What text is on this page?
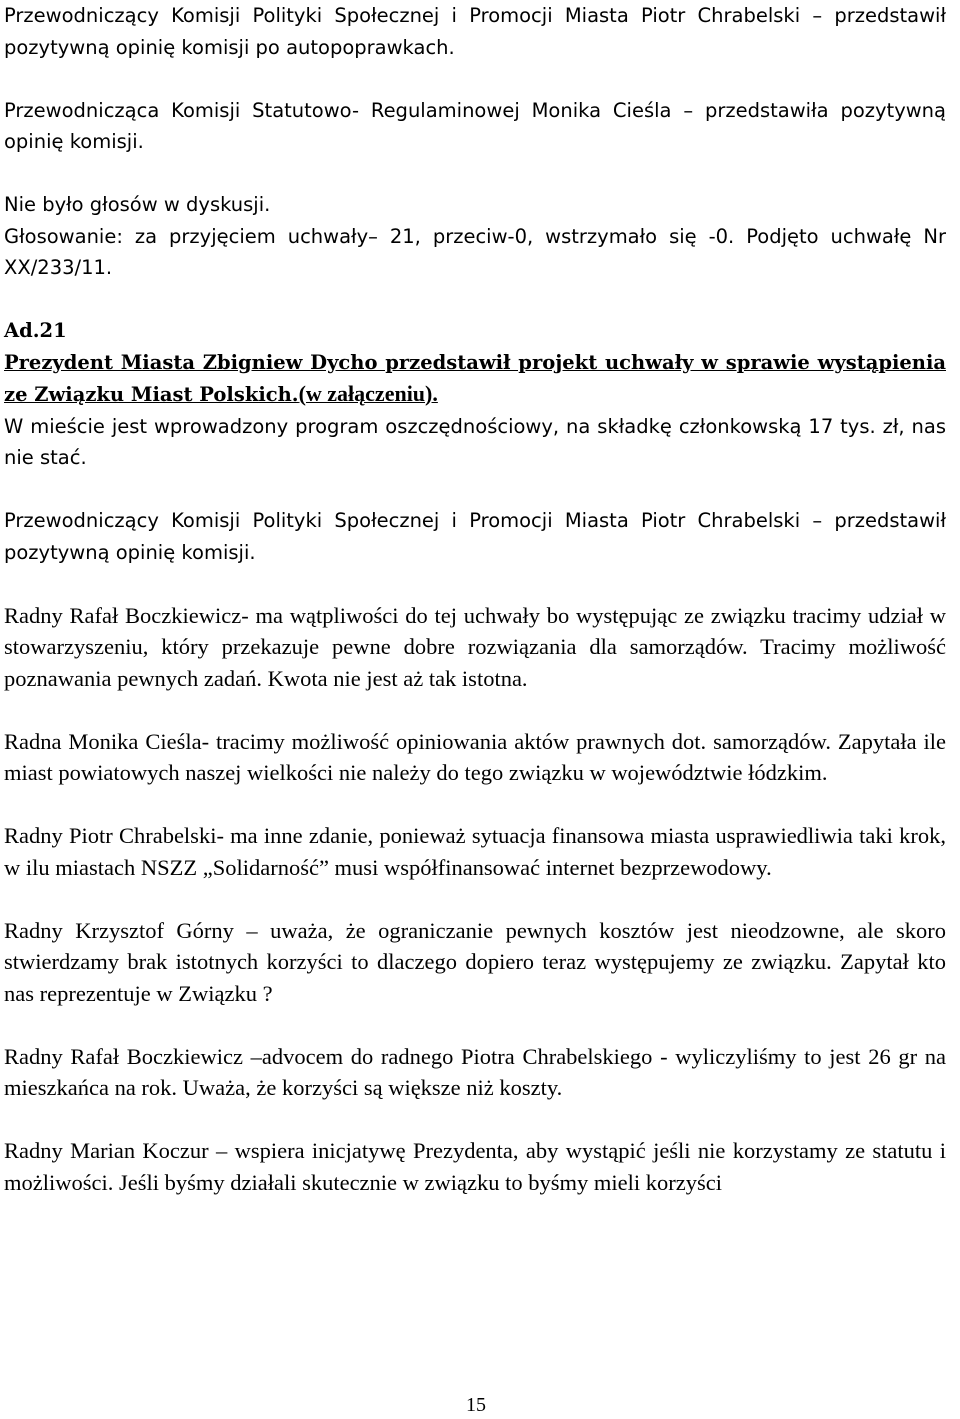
Przewodniczący Komisji Polityki Społecznej i Promocji Miasta Piotr Chrabelski – przedstawił pozytywną opinię komisji po autopoprawkach.

Przewodnicząca Komisji Statutowo- Regulaminowej Monika Cieśla – przedstawiła pozytywną opinię komisji.

Nie było głosów w dyskusji.

Głosowanie: za przyjęciem uchwały– 21, przeciw-0, wstrzymało się -0. Podjęto uchwałę Nr XX/233/11.

Ad.21

Prezydent Miasta Zbigniew Dycho przedstawił projekt uchwały w sprawie wystąpienia ze Związku Miast Polskich.(w załączeniu).

W mieście jest wprowadzony program oszczędnościowy, na składkę członkowską 17 tys. zł, nas nie stać.

Przewodniczący Komisji Polityki Społecznej i Promocji Miasta Piotr Chrabelski – przedstawił pozytywną opinię komisji.

Radny Rafał Boczkiewicz- ma wątpliwości do tej uchwały bo występując ze związku tracimy udział w stowarzyszeniu, który przekazuje pewne dobre rozwiązania dla samorządów. Tracimy możliwość poznawania pewnych zadań. Kwota nie jest aż tak istotna.

Radna Monika Cieśla- tracimy możliwość opiniowania aktów prawnych dot. samorządów. Zapytała ile miast powiatowych naszej wielkości nie należy do tego związku w województwie łódzkim.

Radny Piotr Chrabelski- ma inne zdanie, ponieważ sytuacja finansowa miasta usprawiedliwia taki krok, w ilu miastach NSZZ „Solidarność” musi współfinansować internet bezprzewodowy.

Radny Krzysztof Górny – uważa, że ograniczanie pewnych kosztów jest nieodzowne, ale skoro stwierdzamy brak istotnych korzyści to dlaczego dopiero teraz występujemy ze związku. Zapytał kto nas reprezentuje w Związku ?

Radny Rafał Boczkiewicz –advocem do radnego Piotra Chrabelskiego - wyliczyliśmy to jest 26 gr na mieszkańca na rok. Uważa, że korzyści są większe niż koszty.

Radny Marian Koczur – wspiera inicjatywę Prezydenta, aby wystąpić jeśli nie korzystamy ze statutu i możliwości. Jeśli byśmy działali skutecznie w związku to byśmy mieli korzyści

15
